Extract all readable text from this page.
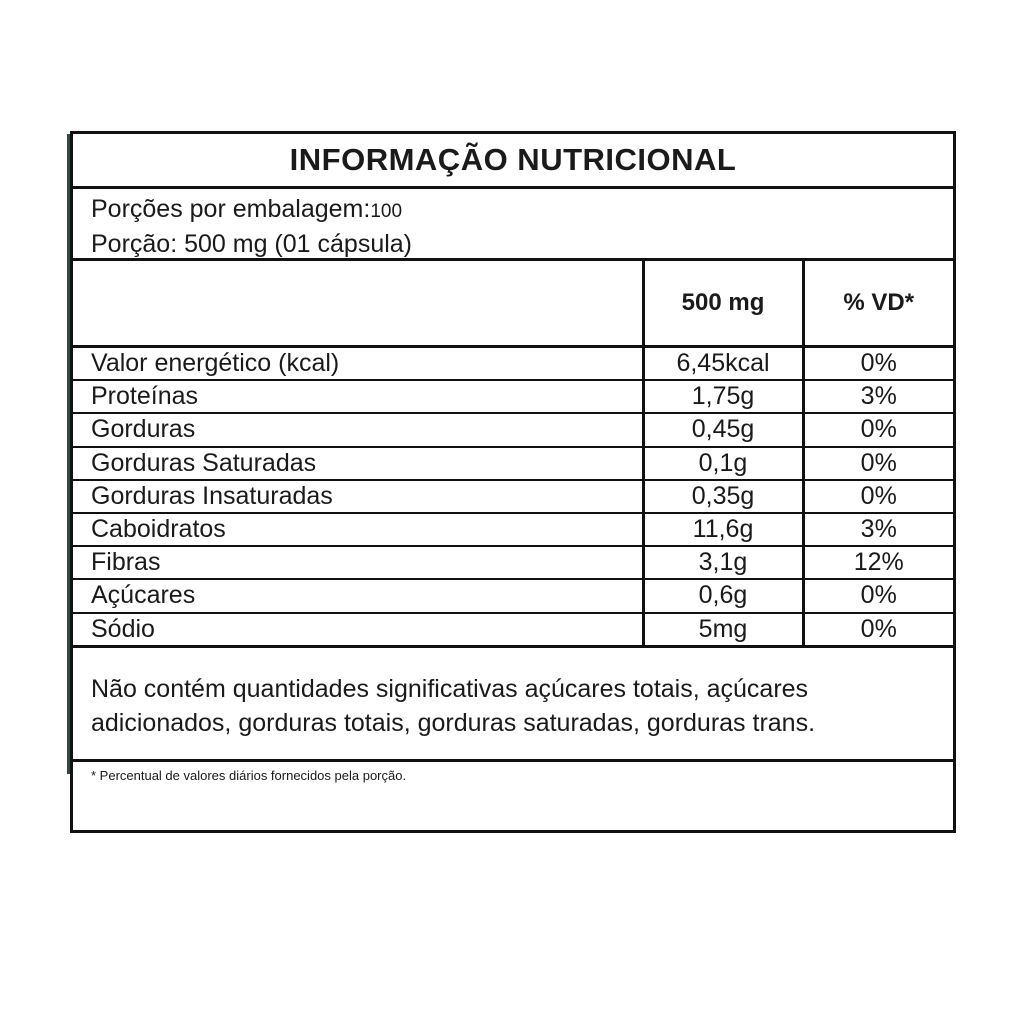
INFORMAÇÃO NUTRICIONAL
Porções por embalagem:100
Porção: 500 mg (01 cápsula)
	500 mg	% VD*
Valor energético (kcal)	6,45kcal	0%
Proteínas	1,75g	3%
Gorduras	0,45g	0%
Gorduras Saturadas	0,1g	0%
Gorduras Insaturadas	0,35g	0%
Caboidratos	11,6g	3%
Fibras	3,1g	12%
Açúcares	0,6g	0%
Sódio	5mg	0%
Não contém quantidades significativas açúcares totais, açúcares adicionados, gorduras totais, gorduras saturadas, gorduras trans.
* Percentual de valores diários fornecidos pela porção.
